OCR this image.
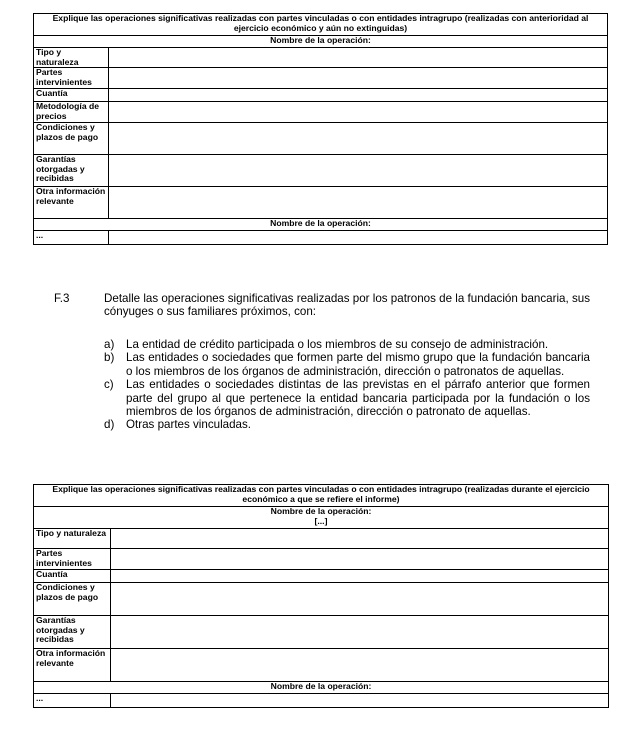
Explique las operaciones significativas realizadas con partes vinculadas o con entidades intragrupo (realizadas con anterioridad al ejercicio económico y aún no extinguidas)	
Nombre de la operación:	
Tipo y naturaleza	
Partes intervinientes	
Cuantía	
Metodología de precios	
Condiciones y plazos de pago	
Garantías otorgadas y recibidas	
Otra información relevante	
Nombre de la operación:	
...	
F.3	Detalle las operaciones significativas realizadas por los patronos de la fundación bancaria, sus cónyuges o sus familiares próximos, con:
a)	La entidad de crédito participada o los miembros de su consejo de administración.
b)	Las entidades o sociedades que formen parte del mismo grupo que la fundación bancaria o los miembros de los órganos de administración, dirección o patronatos de aquellas.
c)	Las entidades o sociedades distintas de las previstas en el párrafo anterior que formen parte del grupo al que pertenece la entidad bancaria participada por la fundación o los miembros de los órganos de administración, dirección o patronato de aquellas.
d)	Otras partes vinculadas.
Explique las operaciones significativas realizadas con partes vinculadas o con entidades intragrupo (realizadas durante el ejercicio económico a que se refiere el informe)	

Nombre de la operación:
[...]	

Tipo y naturaleza	
Partes intervinientes	
Cuantía	
Condiciones y plazos de pago	
Garantías otorgadas y recibidas	
Otra información relevante	
Nombre de la operación:	
...	
